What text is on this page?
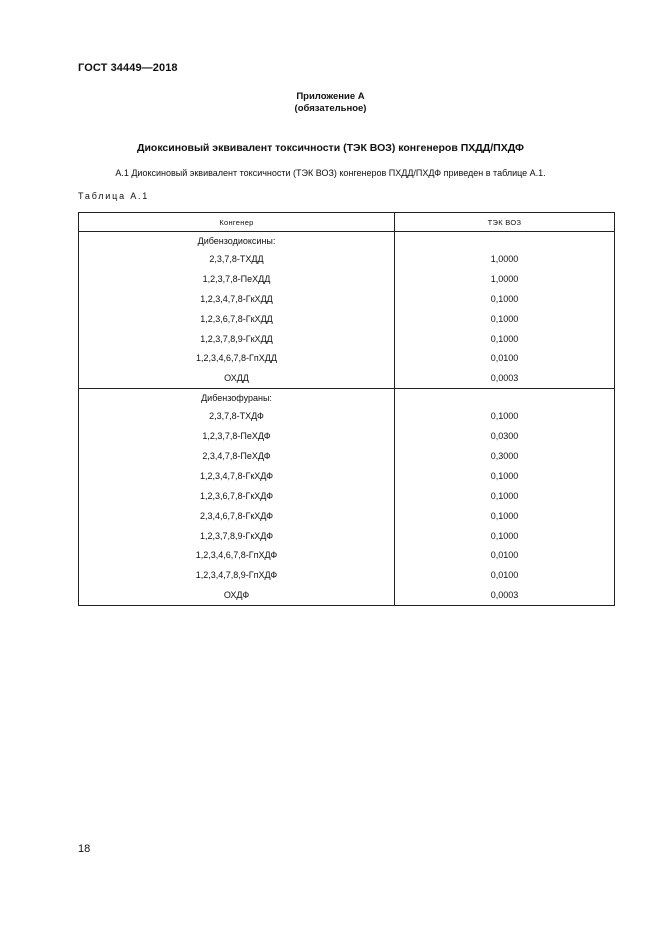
ГОСТ 34449—2018
Приложение А
(обязательное)
Диоксиновый эквивалент токсичности (ТЭК ВОЗ) конгенеров ПХДД/ПХДФ
А.1 Диоксиновый эквивалент токсичности (ТЭК ВОЗ) конгенеров ПХДД/ПХДФ приведен в таблице А.1.
Таблица А.1
Конгенер	ТЭК ВОЗ
Дибензодиоксины:	
2,3,7,8-ТХДД	1,0000
1,2,3,7,8-ПеХДД	1,0000
1,2,3,4,7,8-ГкХДД	0,1000
1,2,3,6,7,8-ГкХДД	0,1000
1,2,3,7,8,9-ГкХДД	0,1000
1,2,3,4,6,7,8-ГпХДД	0,0100
ОХДД	0,0003
Дибензофураны:	
2,3,7,8-ТХДФ	0,1000
1,2,3,7,8-ПеХДФ	0,0300
2,3,4,7,8-ПеХДФ	0,3000
1,2,3,4,7,8-ГкХДФ	0,1000
1,2,3,6,7,8-ГкХДФ	0,1000
2,3,4,6,7,8-ГкХДФ	0,1000
1,2,3,7,8,9-ГкХДФ	0,1000
1,2,3,4,6,7,8-ГпХДФ	0,0100
1,2,3,4,7,8,9-ГпХДФ	0,0100
ОХДФ	0,0003
18
